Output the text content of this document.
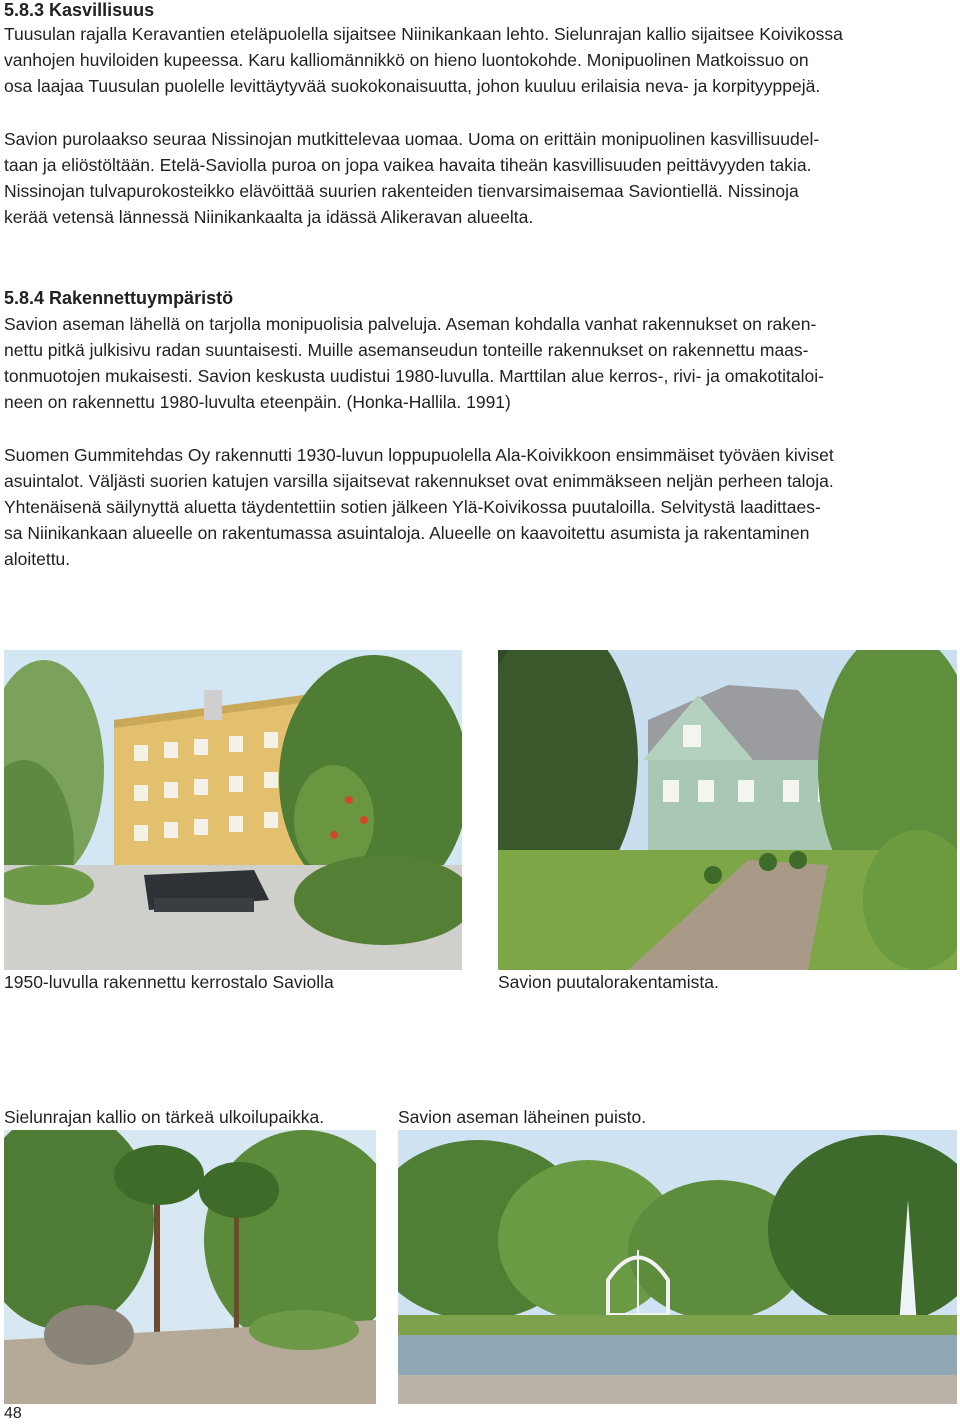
5.8.3 Kasvillisuus
Tuusulan rajalla Keravantien eteläpuolella sijaitsee Niinikankaan lehto. Sielunrajan kallio sijaitsee Koivikossa
vanhojen huviloiden kupeessa. Karu kalliomännikkö on hieno luontokohde. Monipuolinen Matkoissuo on
osa laajaa Tuusulan puolelle levittäytyvää suokokonaisuutta, johon kuuluu erilaisia neva- ja korpityyppejä.
Savion purolaakso seuraa Nissinojan mutkittelevaa uomaa. Uoma on erittäin monipuolinen kasvillisuudel-
taan ja eliöstöltään. Etelä-Saviolla puroa on jopa vaikea havaita tiheän kasvillisuuden peittävyyden takia.
Nissinojan tulvapurokosteikko elävöittää suurien rakenteiden tienvarsimaisemaa Saviontiellä. Nissinoja
kerää vetensä lännessä Niinikankaalta ja idässä Alikeravan alueelta.
5.8.4 Rakennettuympäristö
Savion aseman lähellä on tarjolla monipuolisia palveluja. Aseman kohdalla vanhat rakennukset on raken-
nettu pitkä julkisivu radan suuntaisesti. Muille asemanseudun tonteille rakennukset on rakennettu maas-
tonmuotojen mukaisesti. Savion keskusta uudistui 1980-luvulla. Marttilan alue kerros-, rivi- ja omakotitaloi-
neen on rakennettu 1980-luvulta eteenpäin. (Honka-Hallila. 1991)
Suomen Gummitehdas Oy rakennutti 1930-luvun loppupuolella Ala-Koivikkoon ensimmäiset työväen kiviset
asuintalot. Väljästi suorien katujen varsilla sijaitsevat rakennukset ovat enimmäkseen neljän perheen taloja.
Yhtenäisenä säilynyttä aluetta täydentettiin sotien jälkeen Ylä-Koivikossa puutaloilla. Selvitystä laadittaes-
sa Niinikankaan alueelle on rakentumassa asuintaloja. Alueelle on kaavoitettu asumista ja rakentaminen
aloitettu.
1950-luvulla rakennettu kerrostalo Saviolla	Savion puutalorakentamista.
Sielunrajan kallio on tärkeä ulkoilupaikka.	Savion aseman läheinen puisto.
48
